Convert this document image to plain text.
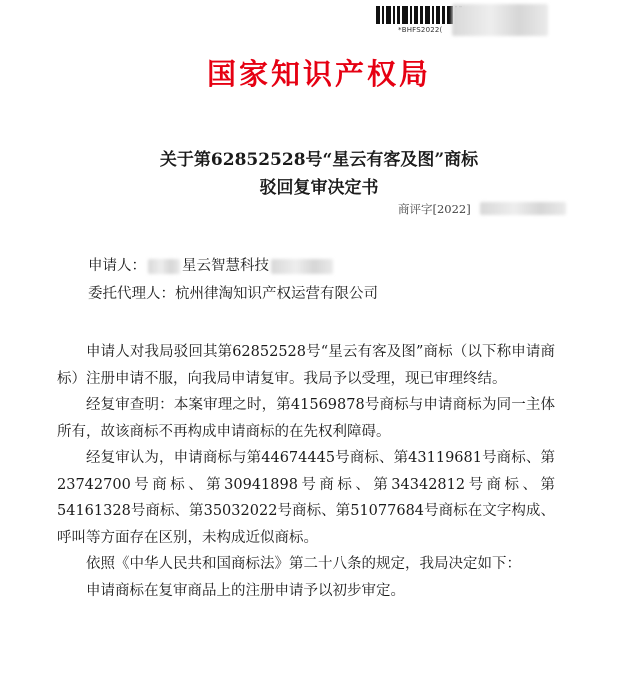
*BHFS2022(
国家知识产权局
关于第62852528号“星云有客及图”商标
驳回复审决定书
商评字[2022]
申请人： 星云智慧科技
委托代理人：杭州律淘知识产权运营有限公司

申请人对我局驳回其第62852528号“星云有客及图”商标（以下称申请商标）注册申请不服，向我局申请复审。我局予以受理，现已审理终结。

经复审查明：本案审理之时，第41569878号商标与申请商标为同一主体所有，故该商标不再构成申请商标的在先权利障碍。

经复审认为，申请商标与第44674445号商标、第43119681号商标、第23742700号商标、第30941898号商标、第34342812号商标、第54161328号商标、第35032022号商标、第51077684号商标在文字构成、呼叫等方面存在区别，未构成近似商标。

依照《中华人民共和国商标法》第二十八条的规定，我局决定如下：

申请商标在复审商品上的注册申请予以初步审定。
